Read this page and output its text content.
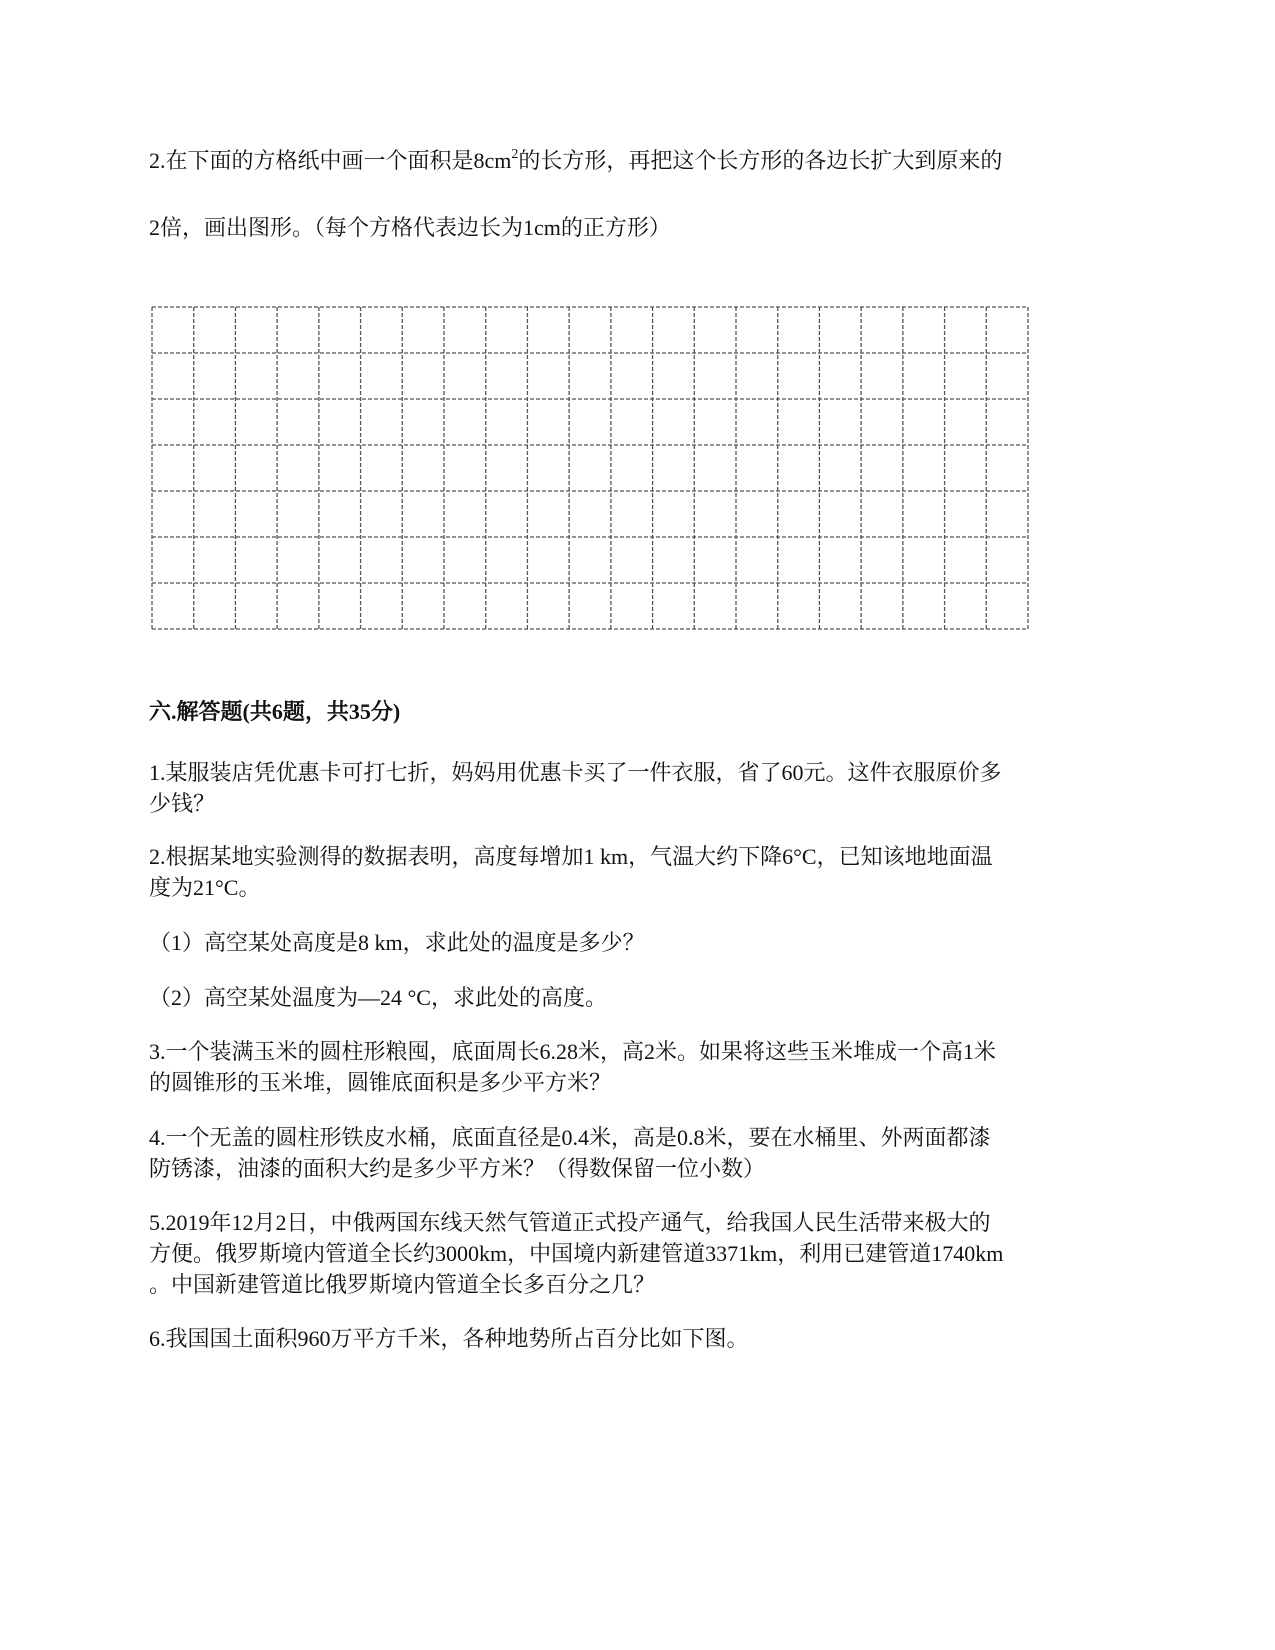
2.在下面的方格纸中画一个面积是$8cm^2$的长方形，再把这个长方形的各边长扩大到原来的
2倍，画出图形。（每个方格代表边长为1cm的正方形）
六.解答题(共6题，共35分)
1.某服装店凭优惠卡可打七折，妈妈用优惠卡买了一件衣服，省了60元。这件衣服原价多
少钱？
2.根据某地实验测得的数据表明，高度每增加1 km，气温大约下降6°C，已知该地地面温
度为21°C。
（1）高空某处高度是8 km，求此处的温度是多少？
（2）高空某处温度为—24 °C，求此处的高度。
3.一个装满玉米的圆柱形粮囤，底面周长6.28米，高2米。如果将这些玉米堆成一个高1米
的圆锥形的玉米堆，圆锥底面积是多少平方米？
4.一个无盖的圆柱形铁皮水桶，底面直径是0.4米，高是0.8米，要在水桶里、外两面都漆
防锈漆，油漆的面积大约是多少平方米？（得数保留一位小数）
5.2019年12月2日，中俄两国东线天然气管道正式投产通气，给我国人民生活带来极大的
方便。俄罗斯境内管道全长约3000km，中国境内新建管道3371km，利用已建管道1740km
。中国新建管道比俄罗斯境内管道全长多百分之几？
6.我国国土面积960万平方千米，各种地势所占百分比如下图。
